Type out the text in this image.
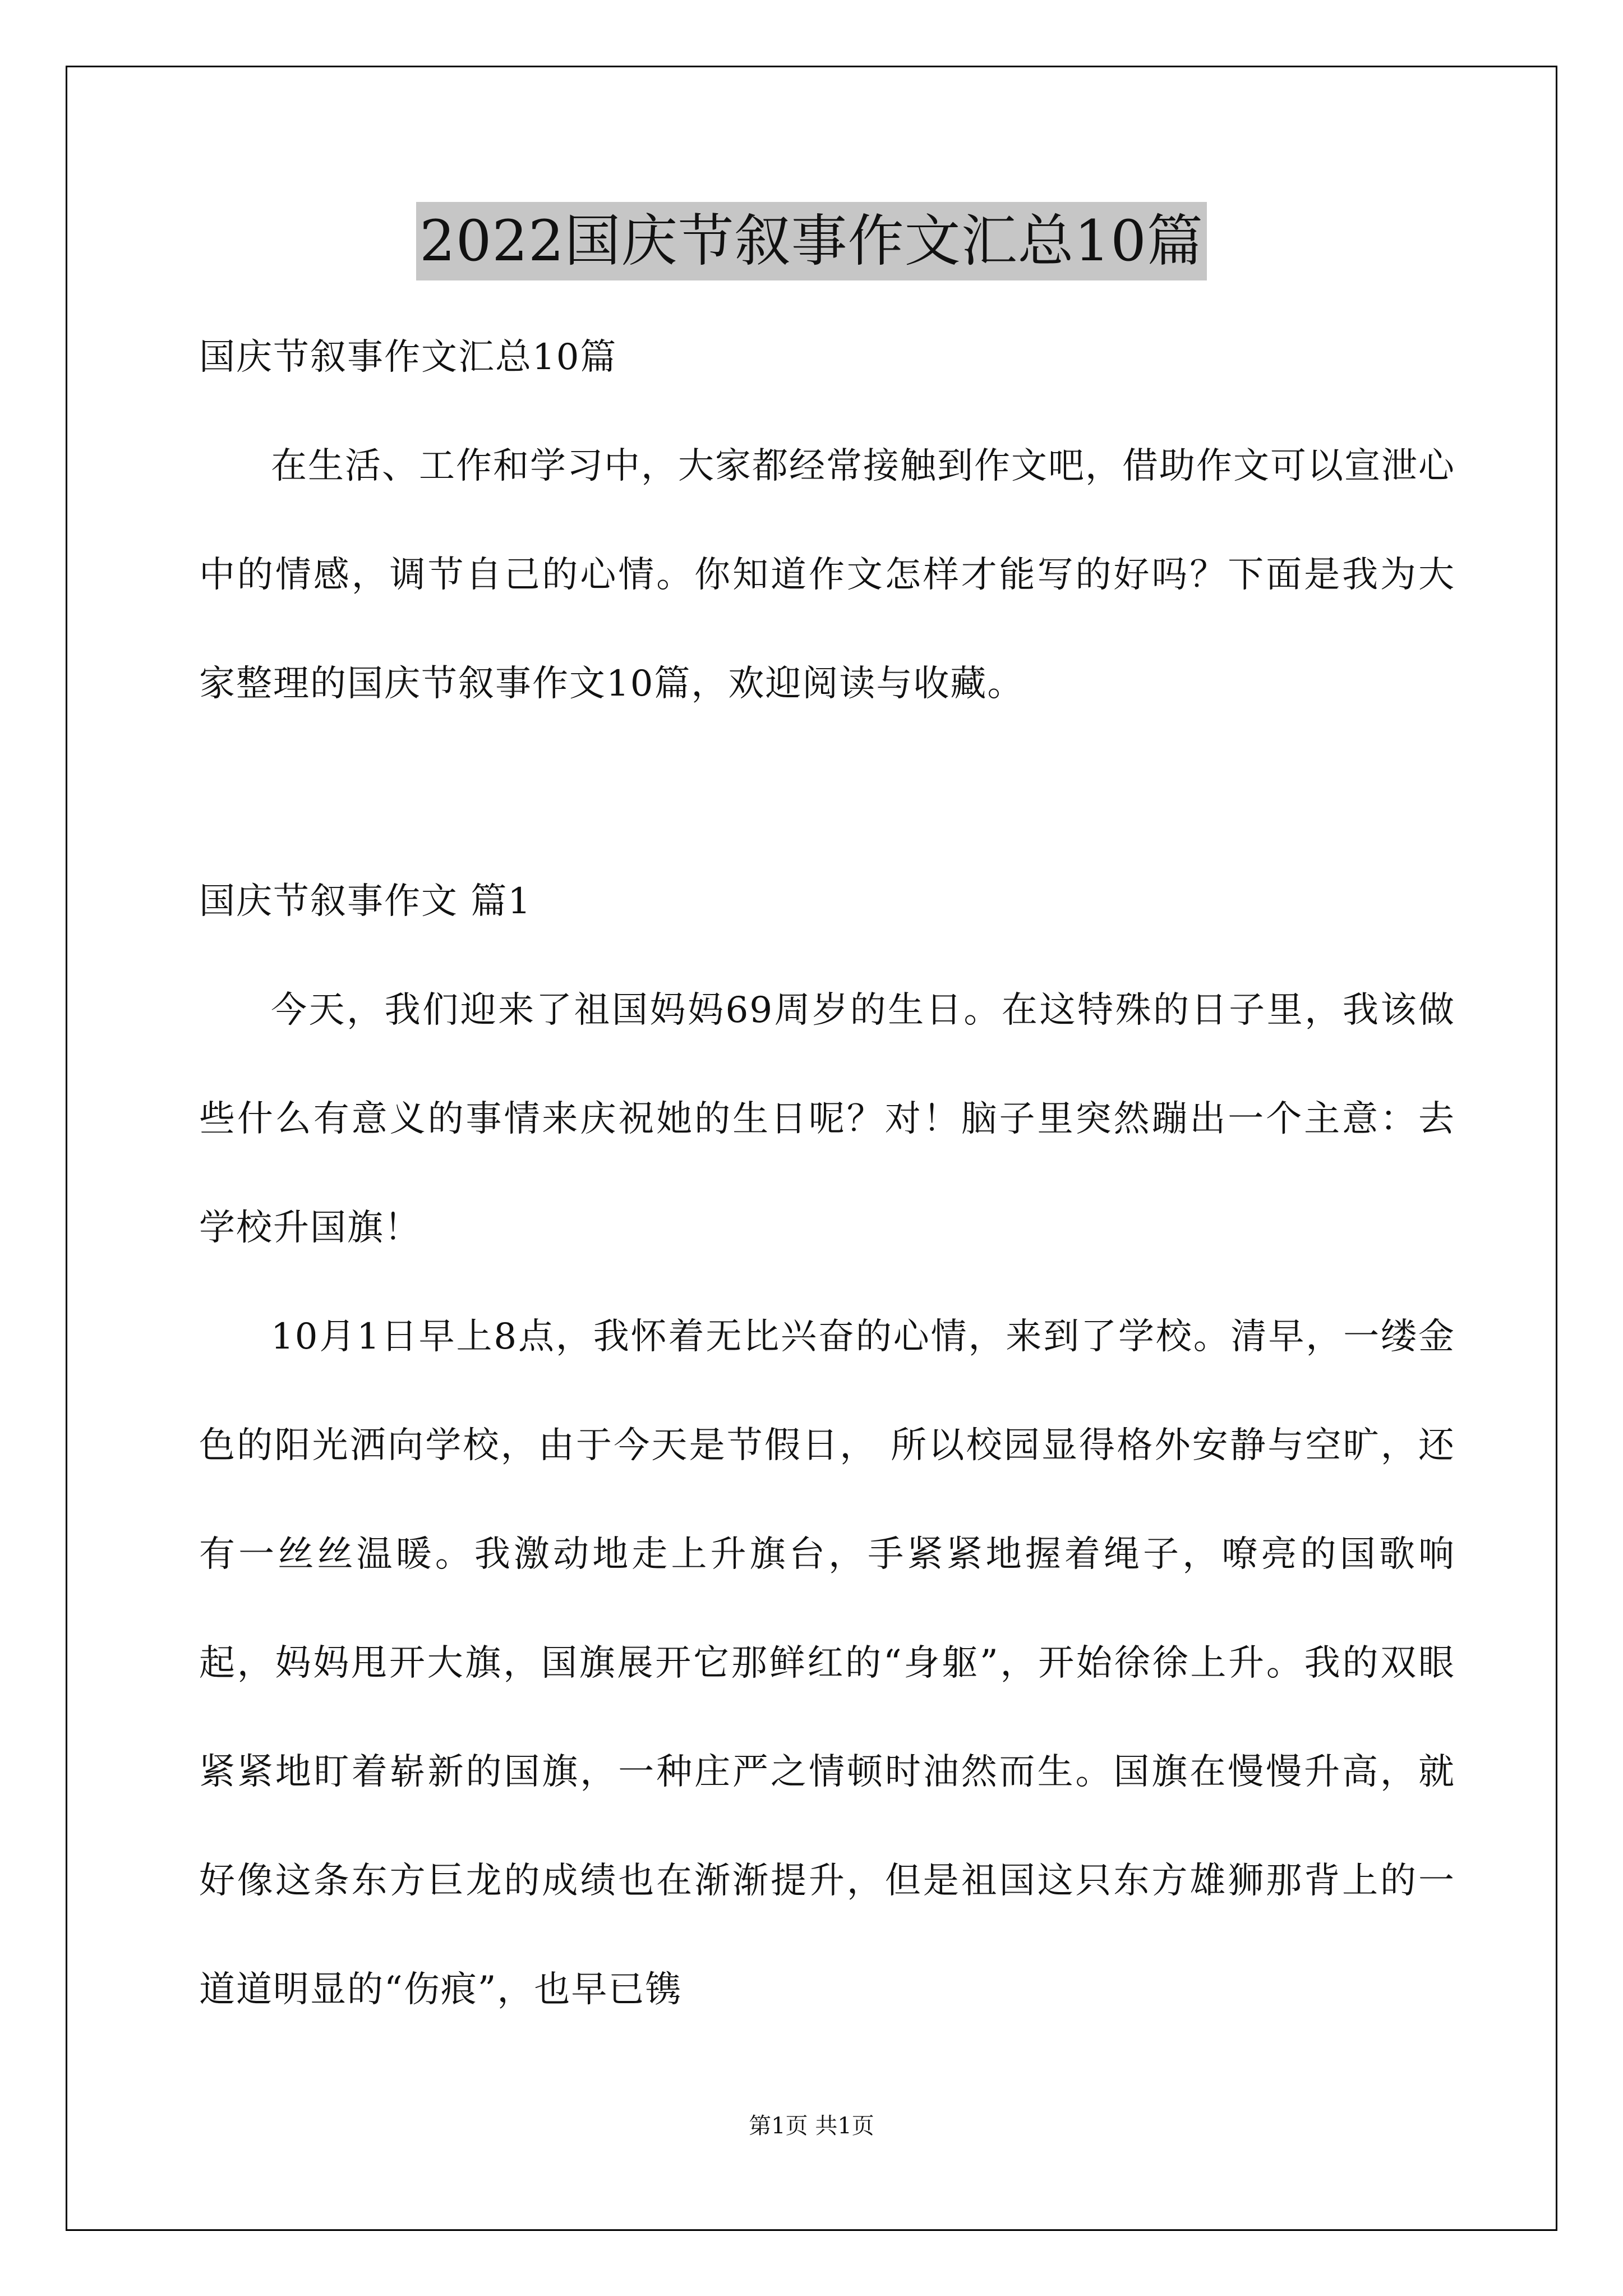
2022国庆节叙事作文汇总10篇

国庆节叙事作文汇总10篇

在生活、工作和学习中，大家都经常接触到作文吧，借助作文可以宣泄心中的情感，调节自己的心情。你知道作文怎样才能写的好吗？下面是我为大家整理的国庆节叙事作文10篇，欢迎阅读与收藏。

国庆节叙事作文 篇1

今天，我们迎来了祖国妈妈69周岁的生日。在这特殊的日子里，我该做些什么有意义的事情来庆祝她的生日呢？对！脑子里突然蹦出一个主意：去学校升国旗！

10月1日早上8点，我怀着无比兴奋的心情，来到了学校。清早，一缕金色的阳光洒向学校，由于今天是节假日， 所以校园显得格外安静与空旷，还有一丝丝温暖。我激动地走上升旗台，手紧紧地握着绳子，嘹亮的国歌响起，妈妈甩开大旗，国旗展开它那鲜红的“身躯”，开始徐徐上升。我的双眼紧紧地盯着崭新的国旗，一种庄严之情顿时油然而生。国旗在慢慢升高，就好像这条东方巨龙的成绩也在渐渐提升，但是祖国这只东方雄狮那背上的一道道明显的“伤痕”，也早已镌

第1页 共1页
